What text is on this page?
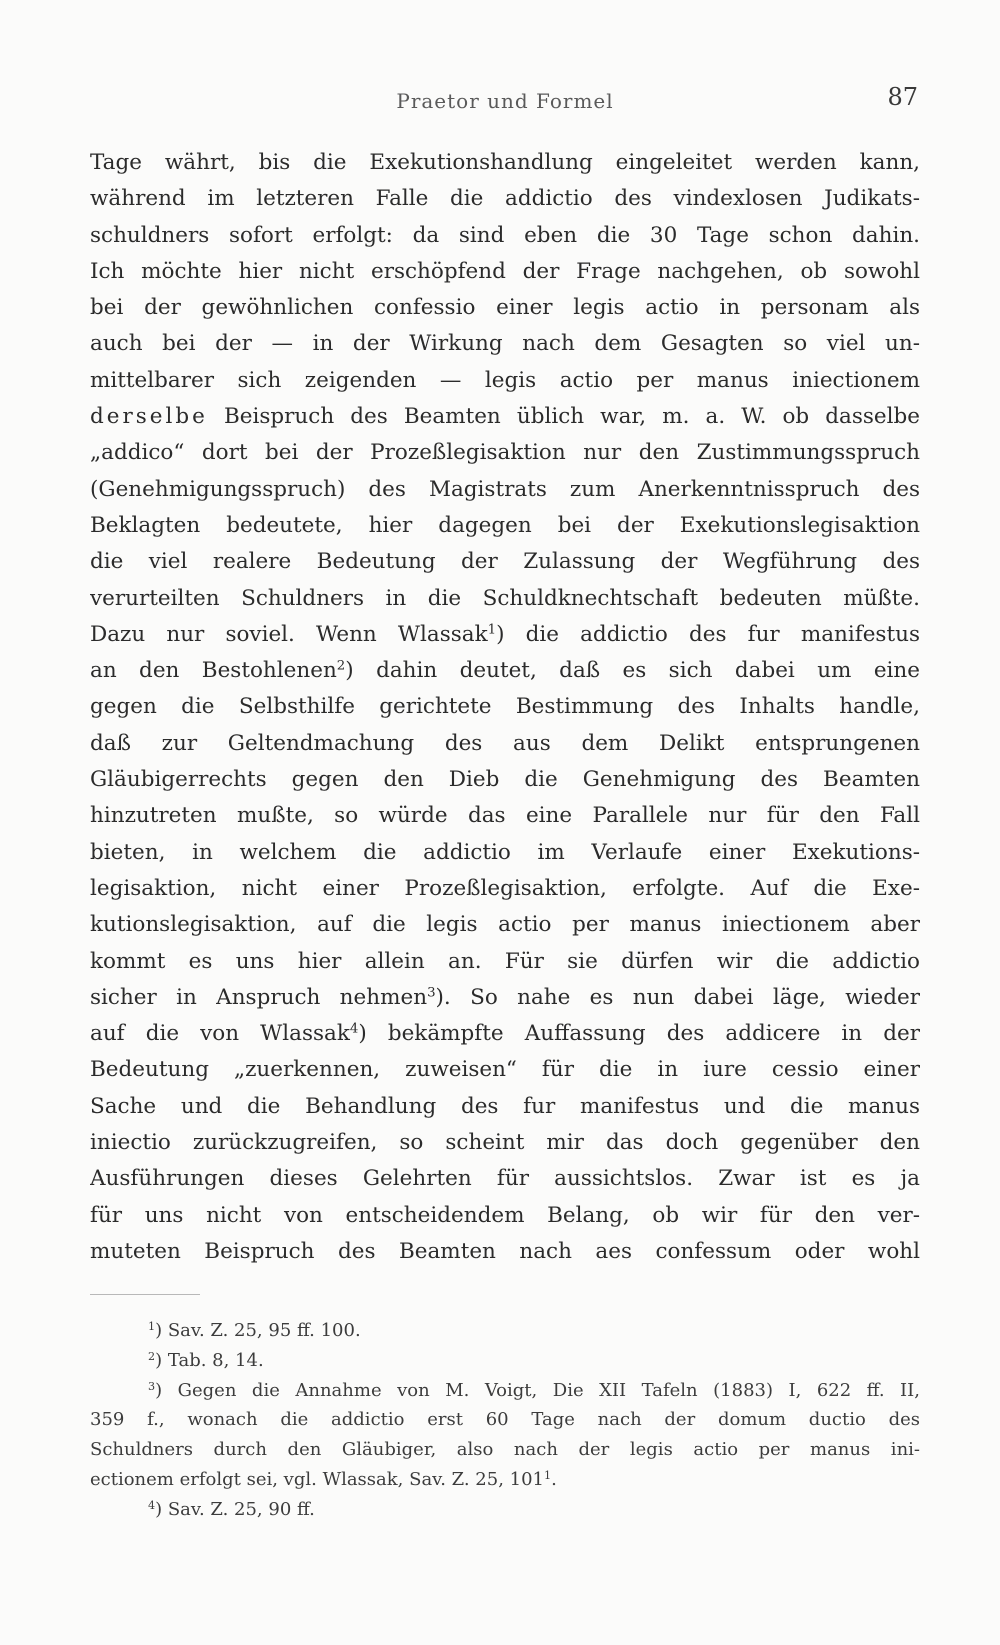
Praetor und Formel	87
Tage währt, bis die Exekutionshandlung eingeleitet werden kann,
während im letzteren Falle die addictio des vindexlosen Judikats-
schuldners sofort erfolgt: da sind eben die 30 Tage schon dahin.
Ich möchte hier nicht erschöpfend der Frage nachgehen, ob sowohl
bei der gewöhnlichen confessio einer legis actio in personam als
auch bei der — in der Wirkung nach dem Gesagten so viel un-
mittelbarer sich zeigenden — legis actio per manus iniectionem
derselbe Beispruch des Beamten üblich war, m. a. W. ob dasselbe
„addico“ dort bei der Prozeßlegisaktion nur den Zustimmungsspruch
(Genehmigungsspruch) des Magistrats zum Anerkenntnisspruch des
Beklagten bedeutete, hier dagegen bei der Exekutionslegisaktion
die viel realere Bedeutung der Zulassung der Wegführung des
verurteilten Schuldners in die Schuldknechtschaft bedeuten müßte.
Dazu nur soviel. Wenn Wlassak$^1$) die addictio des fur manifestus
an den Bestohlenen$^2$) dahin deutet, daß es sich dabei um eine
gegen die Selbsthilfe gerichtete Bestimmung des Inhalts handle,
daß zur Geltendmachung des aus dem Delikt entsprungenen
Gläubigerrechts gegen den Dieb die Genehmigung des Beamten
hinzutreten mußte, so würde das eine Parallele nur für den Fall
bieten, in welchem die addictio im Verlaufe einer Exekutions-
legisaktion, nicht einer Prozeßlegisaktion, erfolgte. Auf die Exe-
kutionslegisaktion, auf die legis actio per manus iniectionem aber
kommt es uns hier allein an. Für sie dürfen wir die addictio
sicher in Anspruch nehmen$^3$). So nahe es nun dabei läge, wieder
auf die von Wlassak$^4$) bekämpfte Auffassung des addicere in der
Bedeutung „zuerkennen, zuweisen“ für die in iure cessio einer
Sache und die Behandlung des fur manifestus und die manus
iniectio zurückzugreifen, so scheint mir das doch gegenüber den
Ausführungen dieses Gelehrten für aussichtslos. Zwar ist es ja
für uns nicht von entscheidendem Belang, ob wir für den ver-
muteten Beispruch des Beamten nach aes confessum oder wohl
$^1$) Sav. Z. 25, 95 ff. 100.
$^2$) Tab. 8, 14.
$^3$) Gegen die Annahme von M. Voigt, Die XII Tafeln (1883) I, 622 ff. II,
359 f., wonach die addictio erst 60 Tage nach der domum ductio des
Schuldners durch den Gläubiger, also nach der legis actio per manus ini-
ectionem erfolgt sei, vgl. Wlassak, Sav. Z. 25, $101^1$.
$^4$) Sav. Z. 25, 90 ff.
